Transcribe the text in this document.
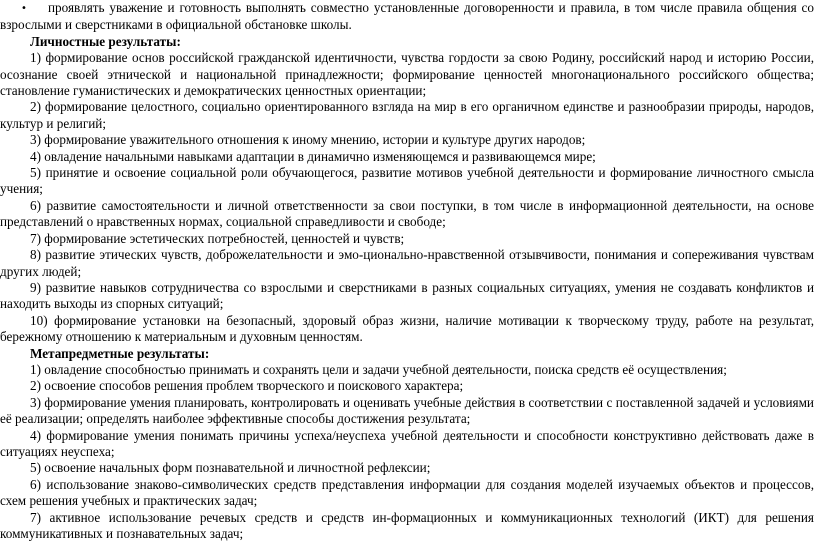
• проявлять уважение и готовность выполнять совместно установленные договоренности и правила, в том числе правила общения со взрослыми и сверстниками в официальной обстановке школы.

Личностные результаты:

1) формирование основ российской гражданской идентичности, чувства гордости за свою Родину, российский народ и историю России, осознание своей этнической и национальной принадлежности; формирование ценностей многонационального российского общества; становление гуманистических и демократических ценностных ориентации;

2) формирование целостного, социально ориентированного взгляда на мир в его органичном единстве и разнообразии природы, народов, культур и религий;

3) формирование уважительного отношения к иному мнению, истории и культуре других народов;

4) овладение начальными навыками адаптации в динамично изменяющемся и развивающемся мире;

5) принятие и освоение социальной роли обучающегося, развитие мотивов учебной деятельности и формирование личностного смысла учения;

6) развитие самостоятельности и личной ответственности за свои поступки, в том числе в информационной деятельности, на основе представлений о нравственных нормах, социальной справедливости и свободе;

7) формирование эстетических потребностей, ценностей и чувств;

8) развитие этических чувств, доброжелательности и эмо-ционально-нравственной отзывчивости, понимания и сопереживания чувствам других людей;

9) развитие навыков сотрудничества со взрослыми и сверстниками в разных социальных ситуациях, умения не создавать конфликтов и находить выходы из спорных ситуаций;

10) формирование установки на безопасный, здоровый образ жизни, наличие мотивации к творческому труду, работе на результат, бережному отношению к материальным и духовным ценностям.

Метапредметные результаты:

1) овладение способностью принимать и сохранять цели и задачи учебной деятельности, поиска средств её осуществления;

2) освоение способов решения проблем творческого и поискового характера;

3) формирование умения планировать, контролировать и оценивать учебные действия в соответствии с поставленной задачей и условиями её реализации; определять наиболее эффективные способы достижения результата;

4) формирование умения понимать причины успеха/неуспеха учебной деятельности и способности конструктивно действовать даже в ситуациях неуспеха;

5) освоение начальных форм познавательной и личностной рефлексии;

6) использование знаково-символических средств представления информации для создания моделей изучаемых объектов и процессов, схем решения учебных и практических задач;

7) активное использование речевых средств и средств ин-формационных и коммуникационных технологий (ИКТ) для решения коммуникативных и познавательных задач;
